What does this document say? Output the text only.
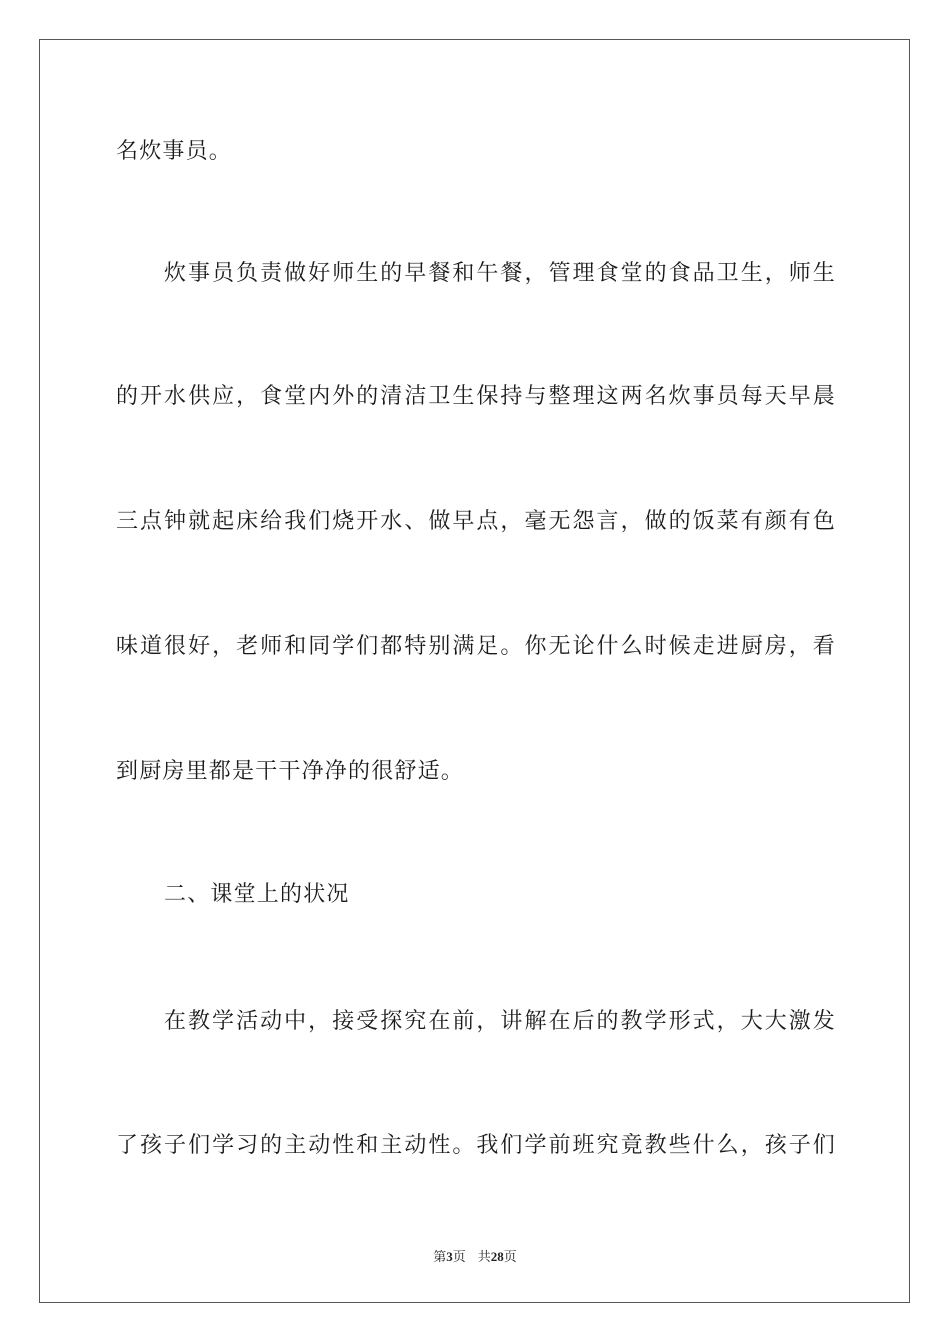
名炊事员。
炊事员负责做好师生的早餐和午餐，管理食堂的食品卫生，师生
的开水供应，食堂内外的清洁卫生保持与整理这两名炊事员每天早晨
三点钟就起床给我们烧开水、做早点，毫无怨言，做的饭菜有颜有色
味道很好，老师和同学们都特别满足。你无论什么时候走进厨房，看
到厨房里都是干干净净的很舒适。
二、课堂上的状况
在教学活动中，接受探究在前，讲解在后的教学形式，大大激发
了孩子们学习的主动性和主动性。我们学前班究竟教些什么，孩子们
第3页 共28页
